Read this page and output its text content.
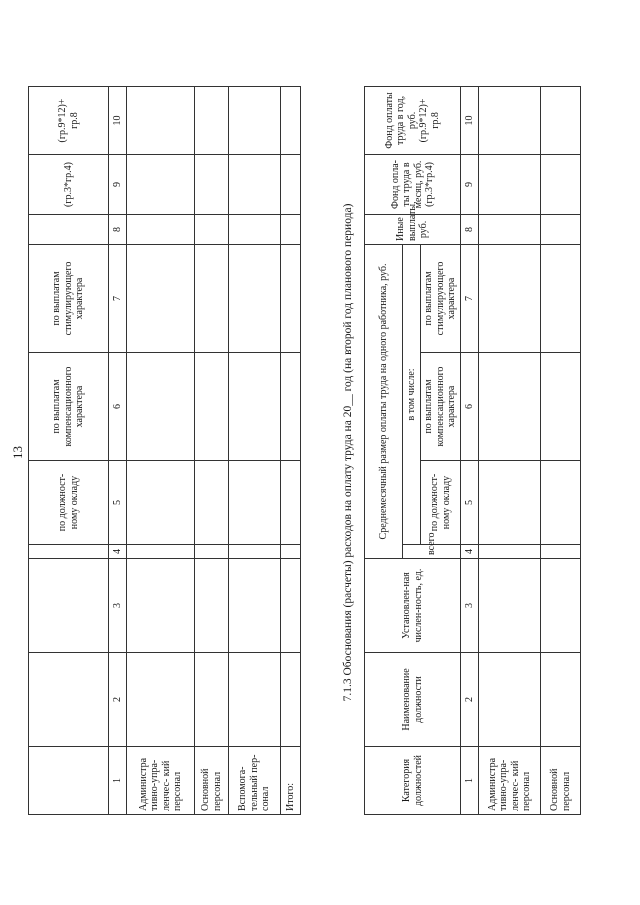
13
				по должност-ному окладу	по выплатам компенсационного характера	по выплатам стимулирующего характера		(гр.3*гр.4)	(гр.9*12)+ гр.8
1	2	3	4	5	6	7	8	9	10
Администра тивно-упра-ленчес- кий персонал									
Основной персонал									
Вспомога-тельный пер-сонал									
Итого:									
7.1.3 Обоснования (расчеты) расходов на оплату труда на 20__ год (на второй год планового периода)
Категория должностей	Наименование должности	Установлен-ная числен-ность, ед.	Среднемесячный размер оплаты труда на одного работника, руб.				Иные выплаты, руб.	Фонд опла-ты труда в месяц, руб. (гр.3*гр.4)	Фонд оплаты труда в год, руб. (гр.9*12)+ гр.8
			всего	в том числе:					
				по должност-ному окладу	по выплатам компенсационного характера	по выплатам стимулирующего характера			
1	2	3	4	5	6	7	8	9	10
Администра тивно-упра-ленчес- кий персонал									
Основной персонал									
